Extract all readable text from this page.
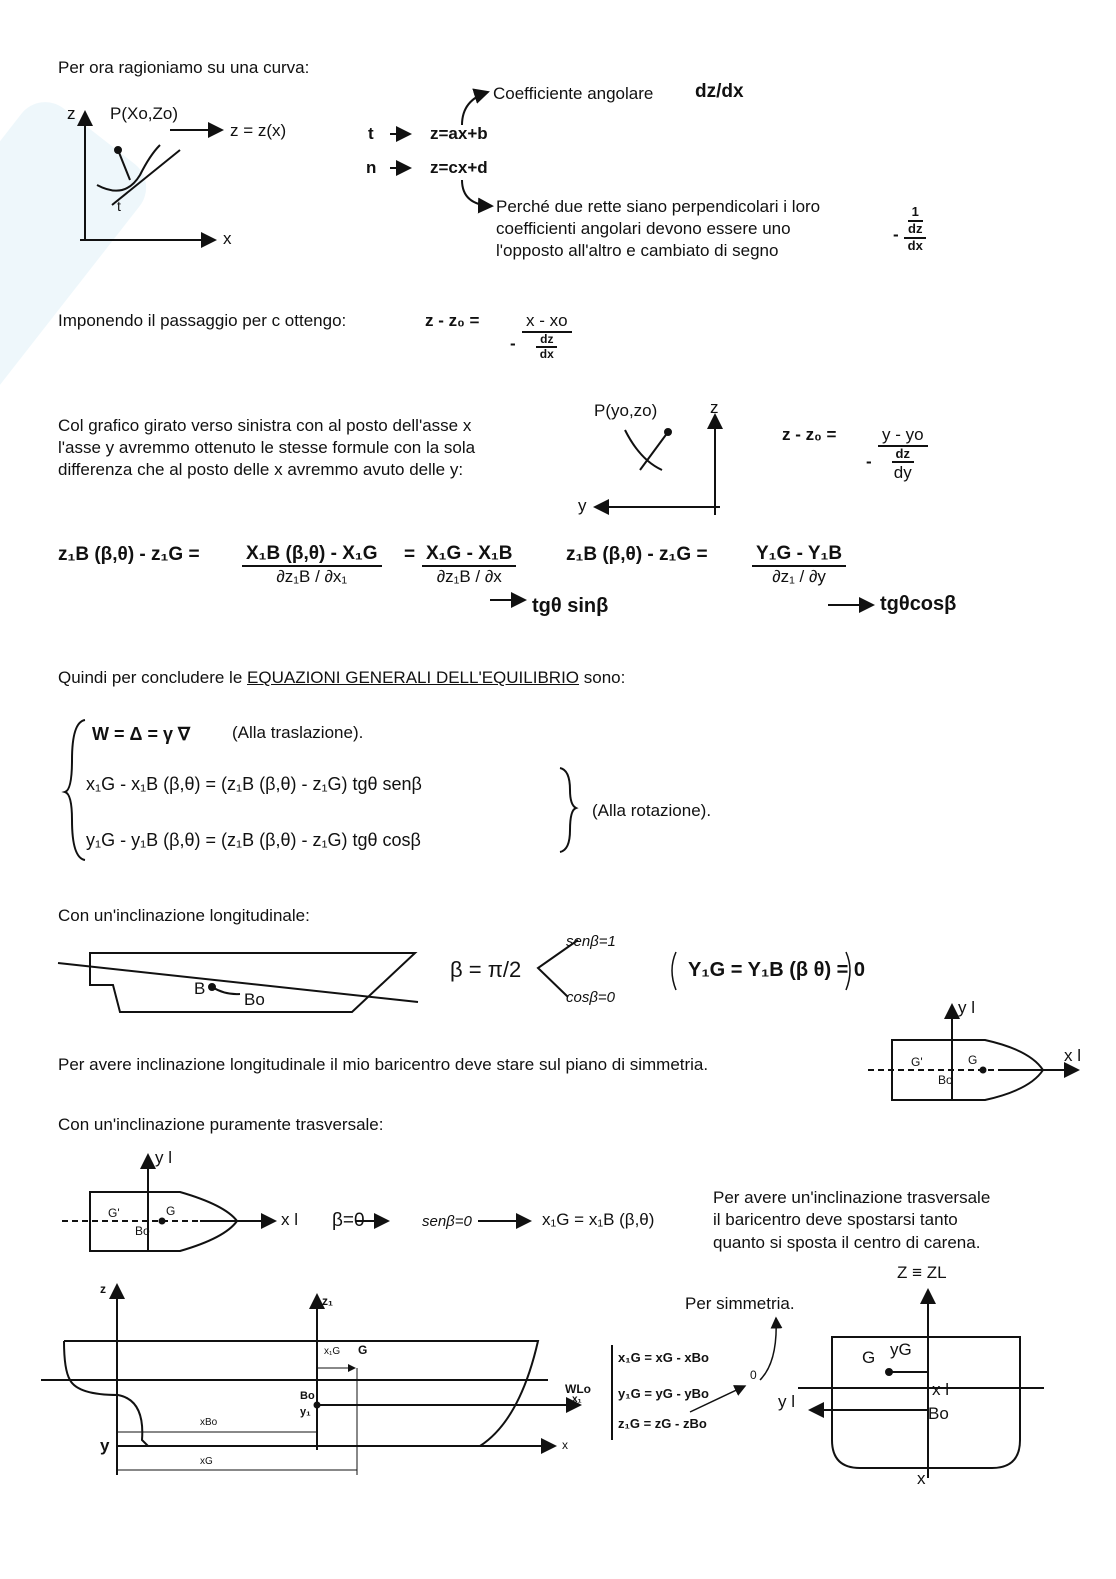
Per ora ragioniamo su una curva:
z P(Xo,Zo)
z = z(x)
t
x
t	z=ax+b
n	z=cx+d
Coefficiente angolare dz/dx
Perché due rette siano perpendicolari i loro
coefficienti angolari devono essere uno
l'opposto all'altro e cambiato di segno
1
dz
dx
-
Imponendo il passaggio per c ottengo:	z - z₀ =	x - xo
dz
dx
-
Col grafico girato verso sinistra con al posto dell'asse x
l'asse y avremmo ottenuto le stesse formule con la sola
differenza che al posto delle x avremmo avuto delle y:
P(yo,zo)	z
y
z - z₀ =	y - yo
dz
dy
-
z₁B $(\beta,\theta) - z_1G = \frac{\text{X₁B (β,θ) - X₁G}}{\text{∂z₁B / ∂x₁}} = \frac{\text{X₁G - X₁B}}{\text{∂z₁B / ∂x}}$
tgθ sinβ
z₁B $(\beta,\theta) - z_1G = \frac{\text{Y₁G - Y₁B}}{\text{∂z₁ / ∂y}}$
tgθcosβ
Quindi per concludere le EQUAZIONI GENERALI DELL'EQUILIBRIO sono:
W = Δ = γ ∇ (Alla traslazione).
x₁G - x₁B (β,θ) = (z₁B (β,θ) - z₁G) tgθ senβ
y₁G - y₁B (β,θ) = (z₁B (β,θ) - z₁G) tgθ cosβ
(Alla rotazione).
Con un'inclinazione longitudinale:
B
Bo
β = π/2
senβ=1
cosβ=0
Y₁G = Y₁B (β θ) = 0
Per avere inclinazione longitudinale il mio baricentro deve stare sul piano di simmetria.
y l
x l
G'	G
Bo
Con un'inclinazione puramente trasversale:
y l
x l
G'	G
Bo	β=0	senβ=0	x₁G = x₁B (β,θ)
Per avere un'inclinazione trasversale
il baricentro deve spostarsi tanto
quanto si sposta il centro di carena.
z
z₁
x₁G G
WLo
Bo
y₁
x₁
xBo
y
xG
x
Per simmetria.
x₁G = xG - xBo
y₁G = yG - yBo
z₁G = zG - zBo
0
Z ≡ ZL
G yG
x l
y l
Bo
x
